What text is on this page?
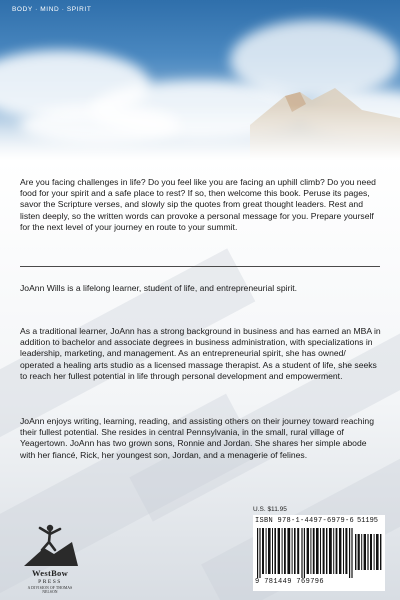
BODY · MIND · SPIRIT
Are you facing challenges in life? Do you feel like you are facing an uphill climb? Do you need food for your spirit and a safe place to rest? If so, then welcome this book. Peruse its pages, savor the Scripture verses, and slowly sip the quotes from great thought leaders. Rest and listen deeply, so the written words can provoke a personal message for you. Prepare yourself for the next level of your journey en route to your summit.
JoAnn Wills is a lifelong learner, student of life, and entrepreneurial spirit.
As a traditional learner, JoAnn has a strong background in business and has earned an MBA in addition to bachelor and associate degrees in business administration, with specializations in leadership, marketing, and management. As an entrepreneurial spirit, she has owned/ operated a healing arts studio as a licensed massage therapist. As a student of life, she seeks to reach her fullest potential in life through personal development and empowerment.
JoAnn enjoys writing, learning, reading, and assisting others on their journey toward reaching their fullest potential. She resides in central Pennsylvania, in the small, rural village of Yeagertown. JoAnn has two grown sons, Ronnie and Jordan. She shares her simple abode with her fiancé, Rick, her youngest son, Jordan, and a menagerie of felines.
WestBow
PRESS
A DIVISION OF THOMAS NELSON
U.S. $11.95
ISBN 978-1-4497-6979-6 51195
9 781449 769796
